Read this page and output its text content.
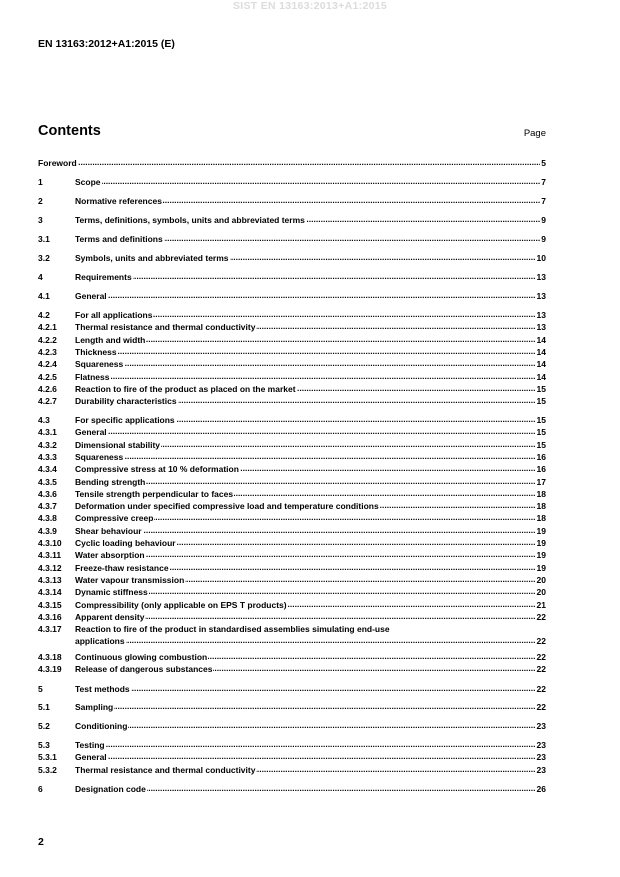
SIST EN 13163:2013+A1:2015
EN 13163:2012+A1:2015 (E)
Contents	Page
Foreword .....	5
1	Scope .....	7
2	Normative references .....	7
3	Terms, definitions, symbols, units and abbreviated terms .....	9
3.1	Terms and definitions .....	9
3.2	Symbols, units and abbreviated terms .....	10
4	Requirements .....	13
4.1	General .....	13
4.2	For all applications .....	13
4.2.1 Thermal resistance and thermal conductivity .....	13
4.2.2 Length and width .....	14
4.2.3 Thickness .....	14
4.2.4 Squareness .....	14
4.2.5 Flatness .....	14
4.2.6 Reaction to fire of the product as placed on the market .....	15
4.2.7 Durability characteristics .....	15
4.3	For specific applications .....	15
4.3.1 General .....	15
4.3.2 Dimensional stability .....	15
4.3.3 Squareness .....	16
4.3.4 Compressive stress at 10 % deformation .....	16
4.3.5 Bending strength .....	17
4.3.6 Tensile strength perpendicular to faces .....	18
4.3.7 Deformation under specified compressive load and temperature conditions .....	18
4.3.8 Compressive creep .....	18
4.3.9 Shear behaviour .....	19
4.3.10 Cyclic loading behaviour .....	19
4.3.11 Water absorption .....	19
4.3.12 Freeze-thaw resistance .....	19
4.3.13 Water vapour transmission .....	20
4.3.14 Dynamic stiffness .....	20
4.3.15 Compressibility (only applicable on EPS T products) .....	21
4.3.16 Apparent density .....	22
4.3.17 Reaction to fire of the product in standardised assemblies simulating end-use
applications .....	22
4.3.18 Continuous glowing combustion .....	22
4.3.19 Release of dangerous substances .....	22
5	Test methods .....	22
5.1	Sampling .....	22
5.2	Conditioning .....	23
5.3	Testing .....	23
5.3.1 General .....	23
5.3.2 Thermal resistance and thermal conductivity .....	23
6	Designation code .....	26
2
